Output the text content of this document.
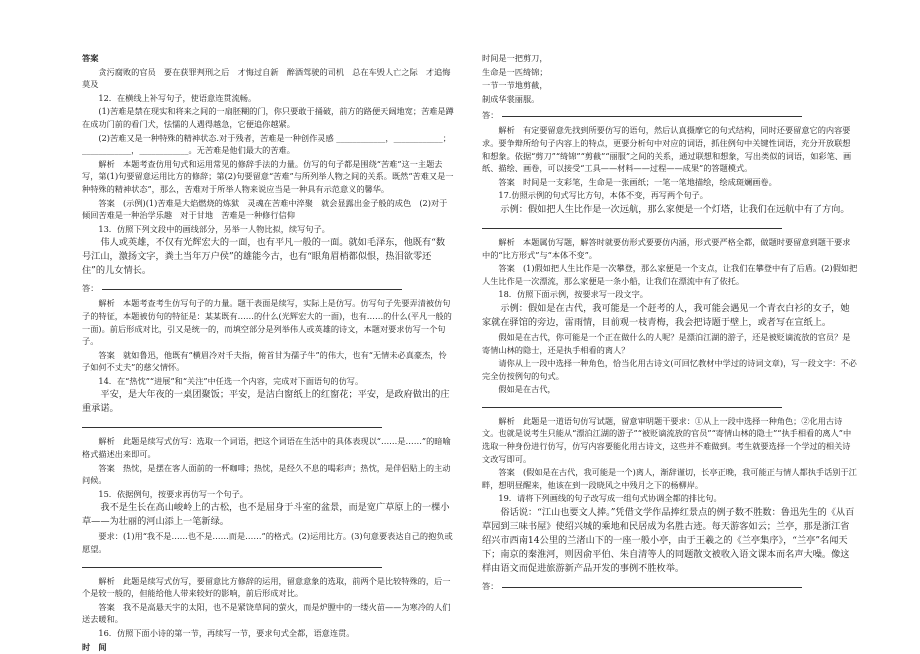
答案

贪污腐败的官员　要在获罪判刑之后　才悔过自新　醉酒驾驶的司机　总在车毁人亡之际　才追悔莫及

12．在横线上补写句子，使语意连贯流畅。

(1)苦难是禁在现实和将来之间的一扇胚糊的门，你只要敢于捅破，前方的路便天阔地宽；苦难是蹲在成功门前的看门犬，怯懦的人遇得越急，它便追你越紧。

(2)苦难又是一种特殊的精神状态.对于残者，苦难是一种创作灵感 ____________，____________；____________，____________。无苦难是他们最大的苦难。

解析　本题考查仿用句式和运用常见的修辞手法的力量。仿写的句子都是围绕“苦难”这一主题去写，第(1)句要留意运用比方的修辞；第(2)句要留意“苦难”与所列举人物之间的关系。既然“苦难又是一种特殊的精神状态”，那么，苦难对于所举人物来说应当是一种具有示范意义的馨华。

答案　(示例)(1)苦难是大焰燃烧的炼狱　灵魂在苦难中淬聚　就会显露出金子般的成色　(2)对于倾回苦难是一种治学乐趣　对于甘地　苦难是一种修行信仰

13．仿照下列文段中的画线部分，另举一人物比拟，续写句子。

伟人或英雄，不仅有光辉宏大的一面，也有平凡一般的一面。就如毛泽东，他既有“数号江山，激扬文字，粪土当年万户侯”的雄能今古，也有“眼角眉梢都似恨，热泪欲零还住”的儿女情长。

答：

解析　本题考查考生仿写句子的力量。题干表面是续写，实际上是仿写。仿写句子先要弄清被仿句子的特征，本题被仿句的特征是：某某既有……的什么(光辉宏大的一面)，也有……的什么(平凡一般的一面)。前后形成对比，引又是统一的，而填空部分是列举伟人或英雄的诗文，本题对要求仿写一个句子。

答案　就如鲁迅，他既有“横眉冷对千夫指，俯首甘为孺子牛”的伟大，也有“无情未必真豪杰，怜子如何不丈夫”的慈父情怀。

14．在“热忱”“进展”和“关注”中任选一个内容，完成对下面语句的仿写。

平安，是大年夜的一桌团聚饭；平安，是洁白窗纸上的红窗花；平安，是政府做出的庄重承诺。

解析　此题是续写式仿写：选取一个词语，把这个词语在生活中的具体表现以“……是……”的暗喻格式描述出来即可。

答案　热忱，是摆在客人面前的一杯咖啡；热忱，是经久不息的喝彩声；热忱，是伴侣贴上的主动问候。

15．依据例句，按要求再仿写一个句子。

我不是生长在高山峻岭上的古松，也不是屈身于斗室的盆景，而是宽广草原上的一棵小草——为壮丽的河山添上一笔新绿。

要求：(1)用“我不是……也不是……而是……”的格式。(2)运用比方。(3)句意要表达自己的抱负或愿望。

解析　此题是续写式仿写，要留意比方修辞的运用，留意意象的选取，前两个是比较特殊的，后一个是较一般的，但能给他人带来较好的影响，前后形成对比。

答案　我不是高悬天宇的太阳，也不是紧饶草间的萤火，而是炉膛中的一缕火苗——为寒冷的人们送去暖和。

16．仿照下面小诗的第一节，再续写一节，要求句式全都，语意连贯。

时　间

时间是一把剪刀，

生命是一匹绮锦；

一节一节地剪截，

制成华裳丽服。

答：

解析　有定要留意先找到所要仿写的语句，然后认真摄摩它的句式结构，同时还要留意它的内容要求。要争辩所给句子内容上的特点，更要分析句中对应的词语，抓住例句中关键性词语，充分开放联想和想象。依据“剪刀”“绮锦”“剪截”“丽服”之间的关系，通过联想和想象，写出类似的词语，如彩笔、画纸、描绘、画卷，可以接受“工具——材料——过程——成果”的答题模式。

答案　时间是一支彩笔，生命是一张画纸；一笔一笔地描绘，绘成斑斓画卷。

17.仿照示例的句式写比方句，本体不变，再写两个句子。

示例：假如把人生比作是一次远航，那么家便是一个灯塔，让我们在远航中有了方向。

解析　本题属仿写题，解答时就要仿形式要要仿内涵，形式要严格全都，做题时要留意到题干要求中的“比方形式”与“本体不变”。

答案　(1)假如把人生比作是一次攀登，那么家便是一个支点，让我们在攀登中有了后盾。(2)假如把人生比作是一次漂流，那么家便是一条小船，让我们在漂流中有了依托。

18．仿照下面示例，按要求写一段文字。

示例：假如是在古代，我可能是一个赶考的人，我可能会遇见一个青衣白衫的女子，她家就在驿馆的旁边，雷雨情，目前观一枝青梅，我会把诗题于壁上，或者写在宣纸上。

假如是在古代，你可能是一个正在做什么的人呢？是漂泊江湖的游子，还是被贬谪流放的官员？是寄情山林的隐士，还是执手相看的离人？

请你从上一段中选择一种角色，恰当化用古诗文(可回忆教材中学过的诗词文章)，写一段文字：不必完全仿按例句的句式。

假如是在古代，

解析　此题是一道语句仿写试题，留意审明题干要求：①从上一段中选择一种角色；②化用古诗文。也就是说考生只能从“漂泊江湖的游子”“被贬谪流放的官员”“寄情山林的隐士”“执手相看的离人”中选取一种身份进行仿写，仿写内容要能化用古诗文，这些并不难做到。考生就要选择一个学过的相关诗文改写即可。

答案　(假如是在古代，我可能是一个)离人，渐辞谨切，长亭正晚，我可能正与情人都执手话别于江畔，想明昼醒来，他该在到一段晓风之中残月之下的杨柳岸。

19．请将下列画线的句子改写成一组句式协调全都的排比句。

俗话说：“江山也要文人捧。”凭借文学作品捧红景点的例子数不胜数：鲁迅先生的《从百草园到三味书屋》使绍兴城的乘地和民居成为名胜古迹。每天游客如云；兰亭，那是浙江省绍兴市西南14公里的兰渚山下的一座一般小亭，由于王羲之的《兰亭集序》，“兰亭”名闻天下；南京的秦淮河，则因俞平伯、朱自清等人的同题散文被收入语文课本而名声大噪。像这样由语文而促进旅游新产品开发的事例不胜枚举。

答：
